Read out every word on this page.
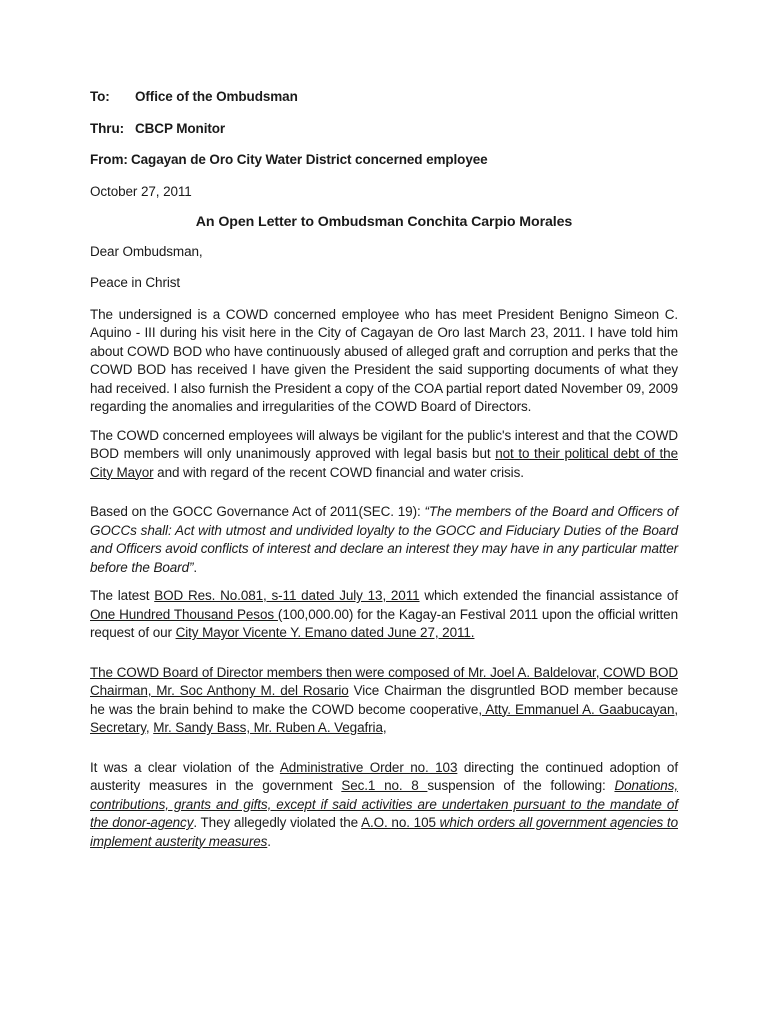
To: Office of the Ombudsman
Thru: CBCP Monitor
From: Cagayan de Oro City Water District concerned employee
October 27, 2011
An Open Letter to Ombudsman Conchita Carpio Morales
Dear Ombudsman,
Peace in Christ

The undersigned is a COWD concerned employee who has meet President Benigno Simeon C. Aquino - III during his visit here in the City of Cagayan de Oro last March 23, 2011. I have told him about COWD BOD who have continuously abused of alleged graft and corruption and perks that the COWD BOD has received I have given the President the said supporting documents of what they had received. I also furnish the President a copy of the COA partial report dated November 09, 2009 regarding the anomalies and irregularities of the COWD Board of Directors.

The COWD concerned employees will always be vigilant for the public's interest and that the COWD BOD members will only unanimously approved with legal basis but not to their political debt of the City Mayor and with regard of the recent COWD financial and water crisis.

Based on the GOCC Governance Act of 2011(SEC. 19): “The members of the Board and Officers of GOCCs shall: Act with utmost and undivided loyalty to the GOCC and Fiduciary Duties of the Board and Officers avoid conflicts of interest and declare an interest they may have in any particular matter before the Board”.

The latest BOD Res. No.081, s-11 dated July 13, 2011 which extended the financial assistance of One Hundred Thousand Pesos (100,000.00) for the Kagay-an Festival 2011 upon the official written request of our City Mayor Vicente Y. Emano dated June 27, 2011.

The COWD Board of Director members then were composed of Mr. Joel A. Baldelovar, COWD BOD Chairman, Mr. Soc Anthony M. del Rosario Vice Chairman the disgruntled BOD member because he was the brain behind to make the COWD become cooperative, Atty. Emmanuel A. Gaabucayan, Secretary, Mr. Sandy Bass, Mr. Ruben A. Vegafria,

It was a clear violation of the Administrative Order no. 103 directing the continued adoption of austerity measures in the government Sec.1 no. 8 suspension of the following: Donations, contributions, grants and gifts, except if said activities are undertaken pursuant to the mandate of the donor-agency. They allegedly violated the A.O. no. 105 which orders all government agencies to implement austerity measures.
